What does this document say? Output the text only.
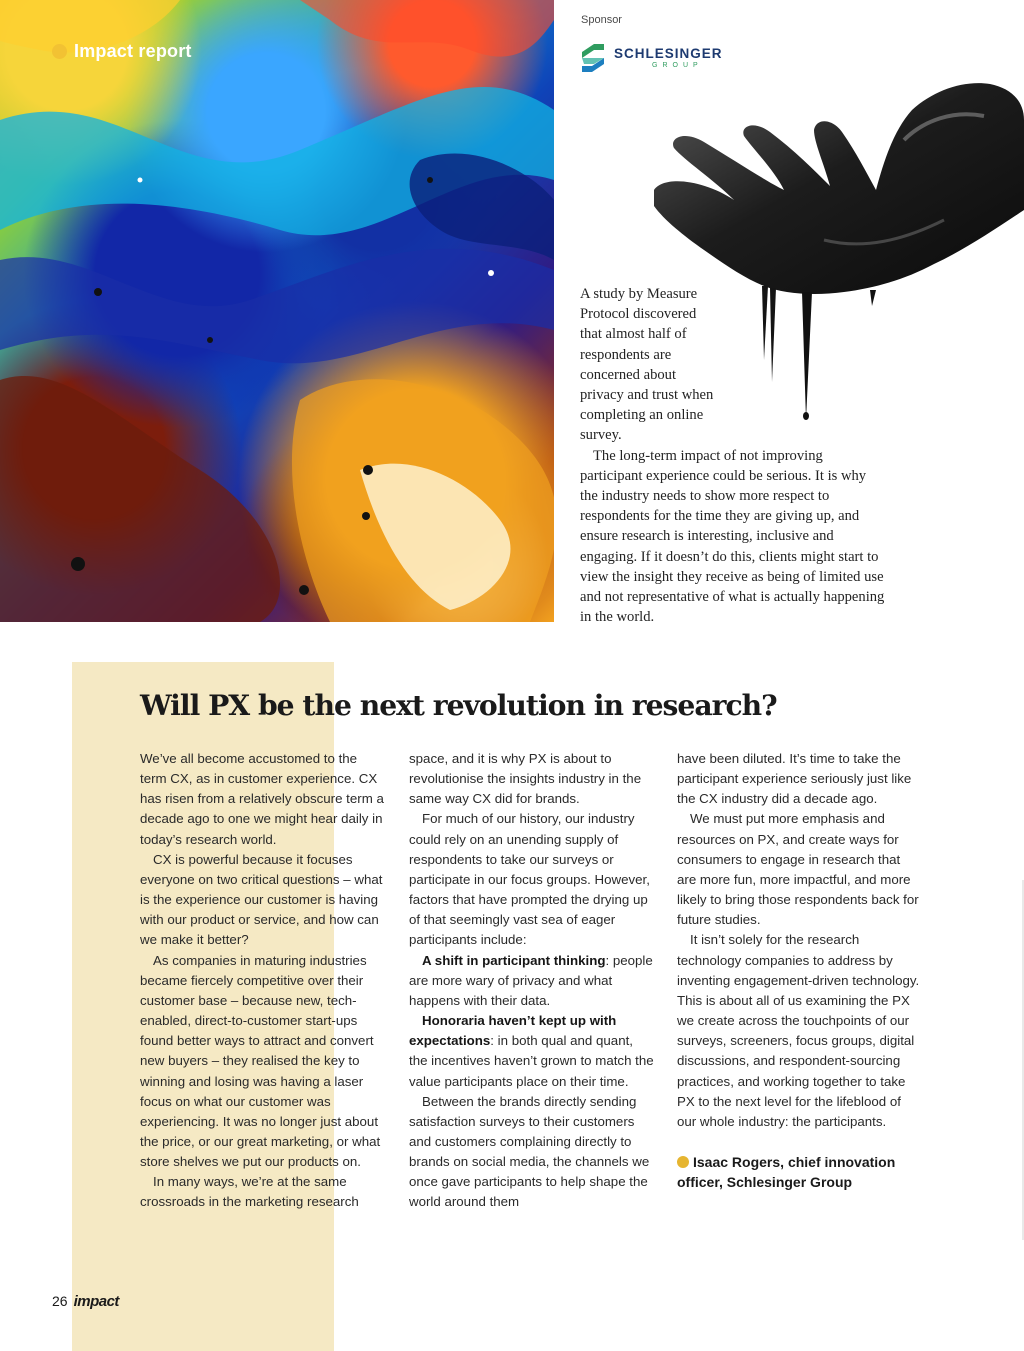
Impact report
Sponsor
SCHLESINGER
GROUP

A study by Measure Protocol discovered that almost half of respondents are concerned about privacy and trust when completing an online survey.

The long-term impact of not improving participant experience could be serious. It is why the industry needs to show more respect to respondents for the time they are giving up, and ensure research is interesting, inclusive and engaging. If it doesn’t do this, clients might start to view the insight they receive as being of limited use and not representative of what is actually happening in the world.

Will PX be the next revolution in research?

We’ve all become accustomed to the term CX, as in customer experience. CX has risen from a relatively obscure term a decade ago to one we might hear daily in today’s research world.

CX is powerful because it focuses everyone on two critical questions – what is the experience our customer is having with our product or service, and how can we make it better?

As companies in maturing industries became fiercely competitive over their customer base – because new, tech-enabled, direct-to-customer start-ups found better ways to attract and convert new buyers – they realised the key to winning and losing was having a laser focus on what our customer was experiencing. It was no longer just about the price, or our great marketing, or what store shelves we put our products on.

In many ways, we’re at the same crossroads in the marketing research

space, and it is why PX is about to revolutionise the insights industry in the same way CX did for brands.

For much of our history, our industry could rely on an unending supply of respondents to take our surveys or participate in our focus groups. However, factors that have prompted the drying up of that seemingly vast sea of eager participants include:

A shift in participant thinking: people are more wary of privacy and what happens with their data.

Honoraria haven’t kept up with expectations: in both qual and quant, the incentives haven’t grown to match the value participants place on their time.

Between the brands directly sending satisfaction surveys to their customers and customers complaining directly to brands on social media, the channels we once gave participants to help shape the world around them

have been diluted. It’s time to take the participant experience seriously just like the CX industry did a decade ago.

We must put more emphasis and resources on PX, and create ways for consumers to engage in research that are more fun, more impactful, and more likely to bring those respondents back for future studies.

It isn’t solely for the research technology companies to address by inventing engagement-driven technology. This is about all of us examining the PX we create across the touchpoints of our surveys, screeners, focus groups, digital discussions, and respondent-sourcing practices, and working together to take PX to the next level for the lifeblood of our whole industry: the participants.

Isaac Rogers, chief innovation officer, Schlesinger Group

26 impact
